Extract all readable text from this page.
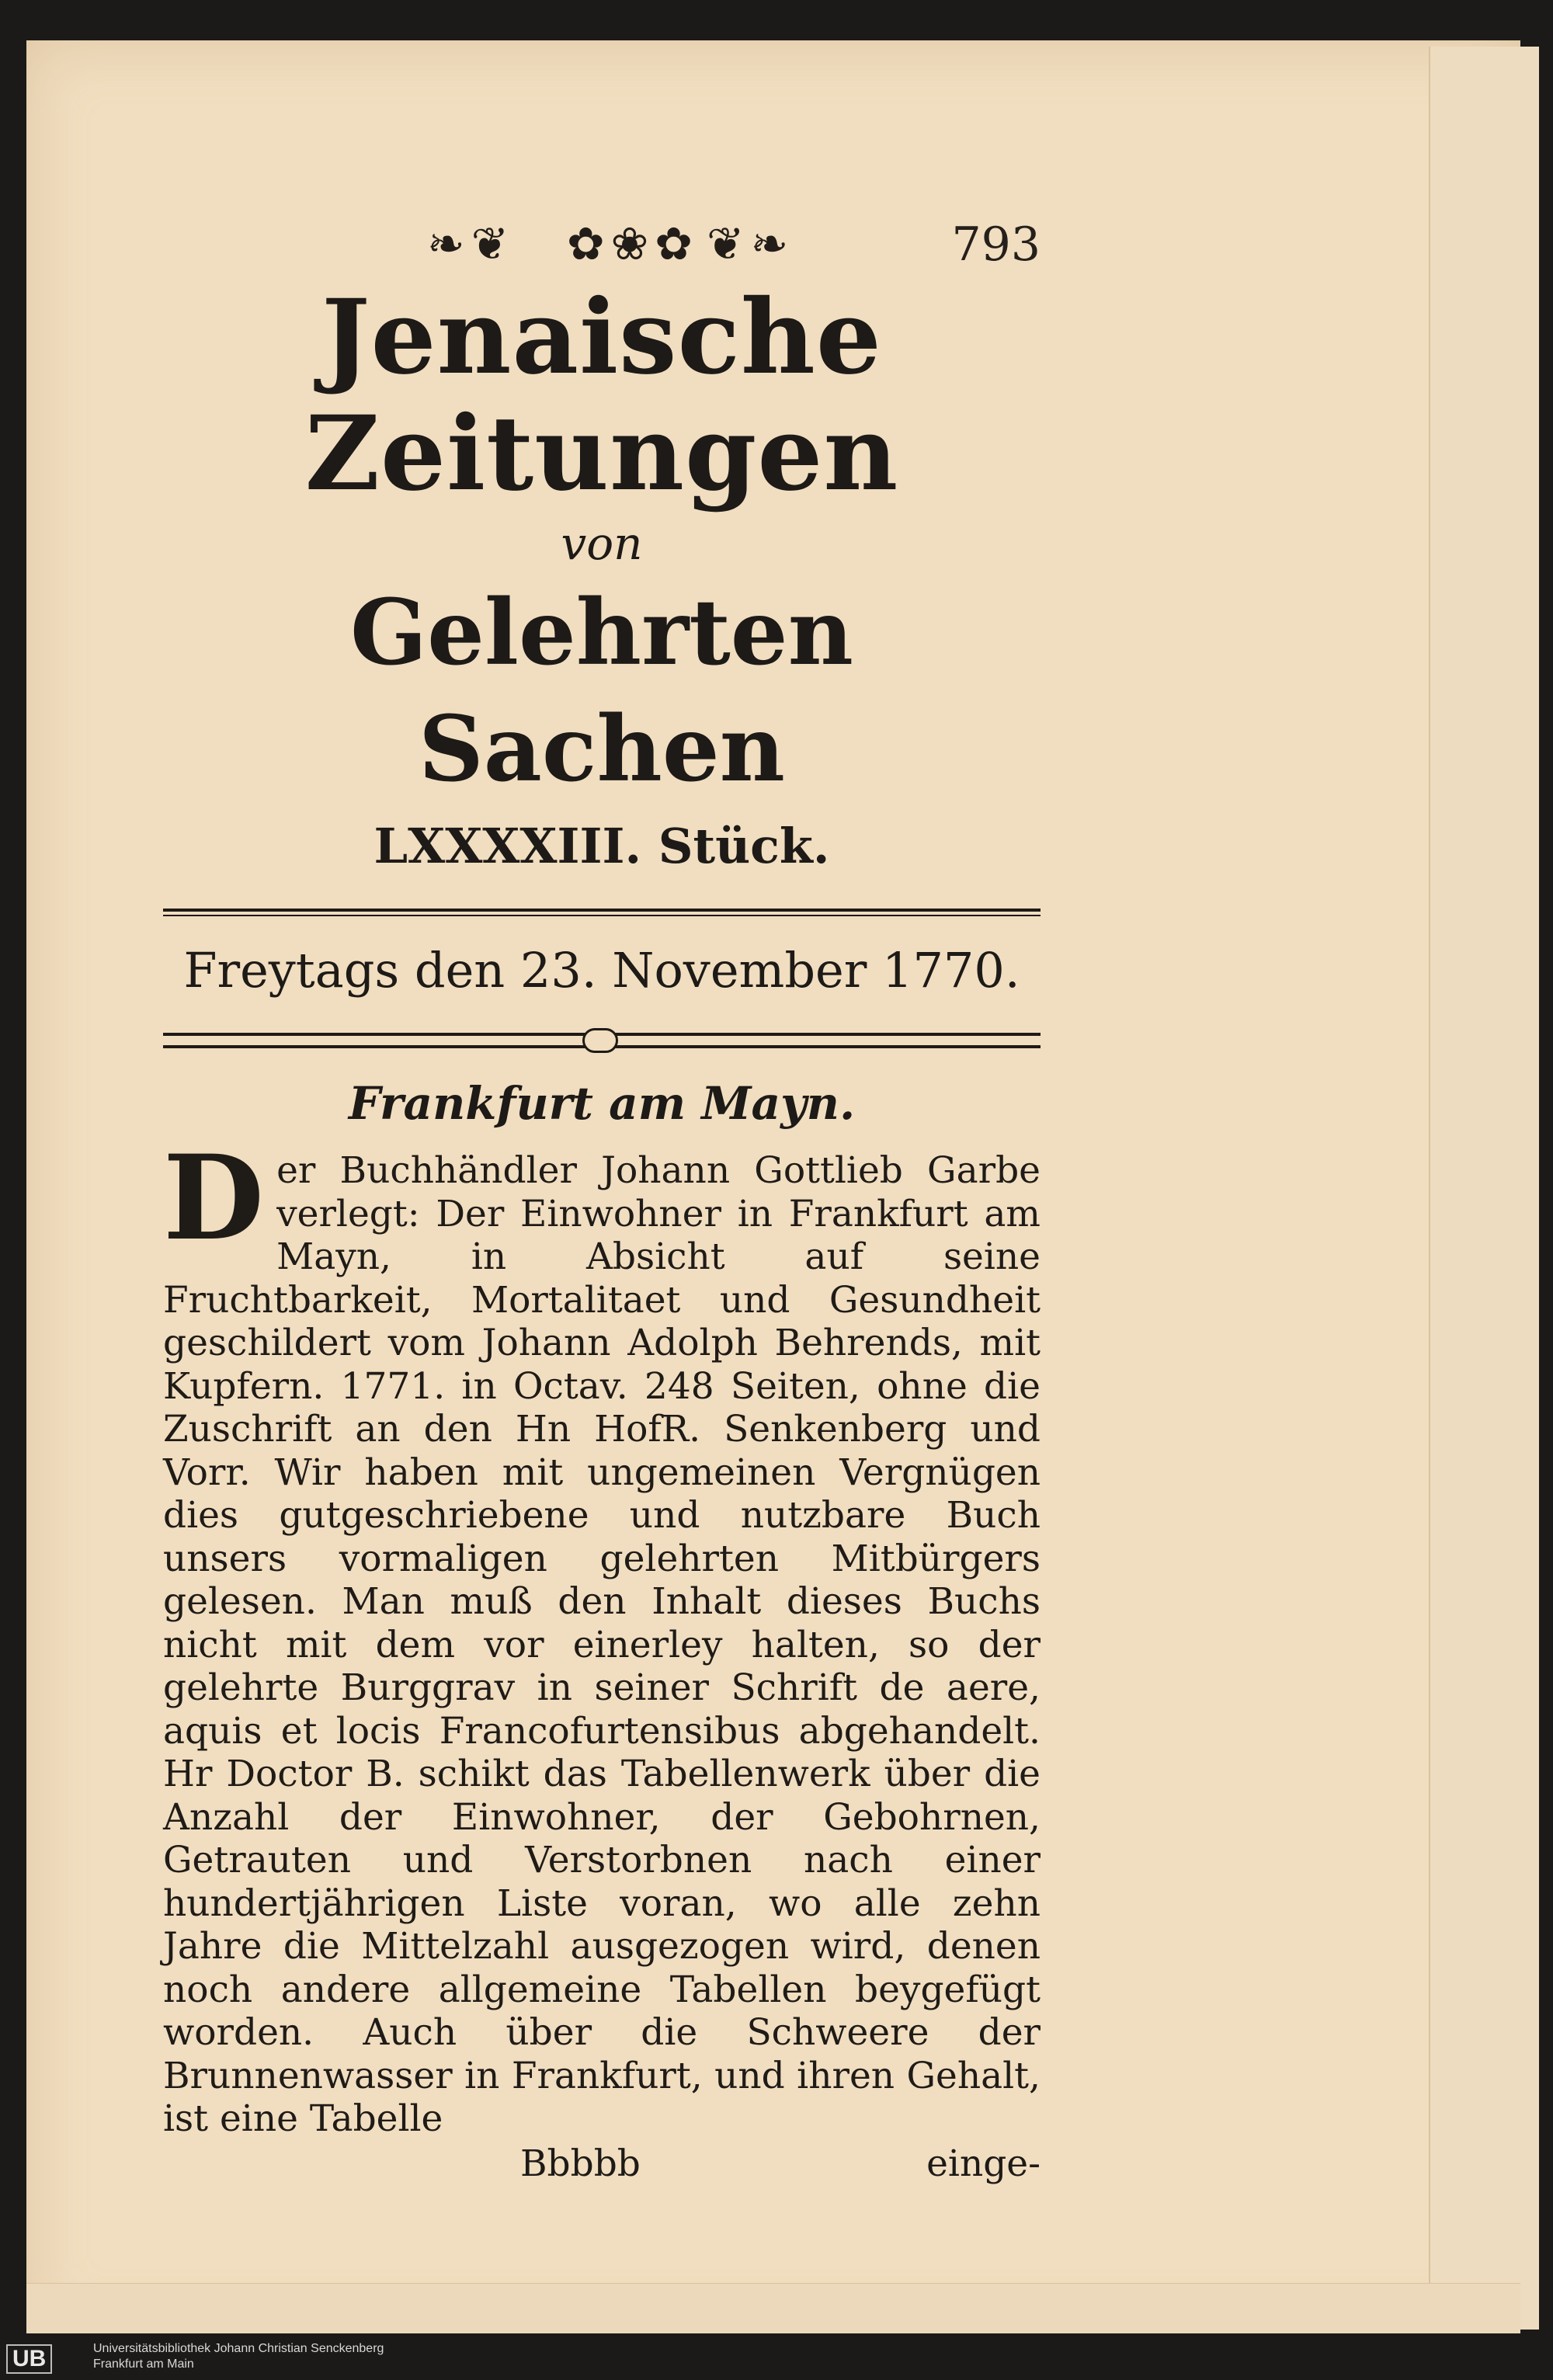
❧❦ ✿❀✿ ❦❧	793
Jenaische Zeitungen
von
Gelehrten Sachen
LXXXXIII. Stück.
Freytags den 23. November 1770.
Frankfurt am Mayn.
D er Buchhändler Johann Gottlieb Garbe verlegt: Der Einwohner in Frankfurt am Mayn, in Absicht auf seine Fruchtbarkeit, Mortalitaet und Gesundheit geschildert vom Johann Adolph Behrends, mit Kupfern. 1771. in Octav. 248 Seiten, ohne die Zuschrift an den Hn HofR. Senkenberg und Vorr. Wir haben mit ungemeinen Vergnügen dies gutgeschriebene und nutzbare Buch unsers vormaligen gelehrten Mitbürgers gelesen. Man muß den Inhalt dieses Buchs nicht mit dem vor einerley halten, so der gelehrte Burggrav in seiner Schrift de aere, aquis et locis Francofurtensibus abgehandelt. Hr Doctor B. schikt das Tabellenwerk über die Anzahl der Einwohner, der Gebohrnen, Getrauten und Verstorbnen nach einer hundertjährigen Liste voran, wo alle zehn Jahre die Mittelzahl ausgezogen wird, denen noch andere allgemeine Tabellen beygefügt worden. Auch über die Schweere der Brunnenwasser in Frankfurt, und ihren Gehalt, ist eine Tabelle
Bbbbb	einge-
UB	Universitätsbibliothek Johann Christian Senckenberg
Frankfurt am Main
